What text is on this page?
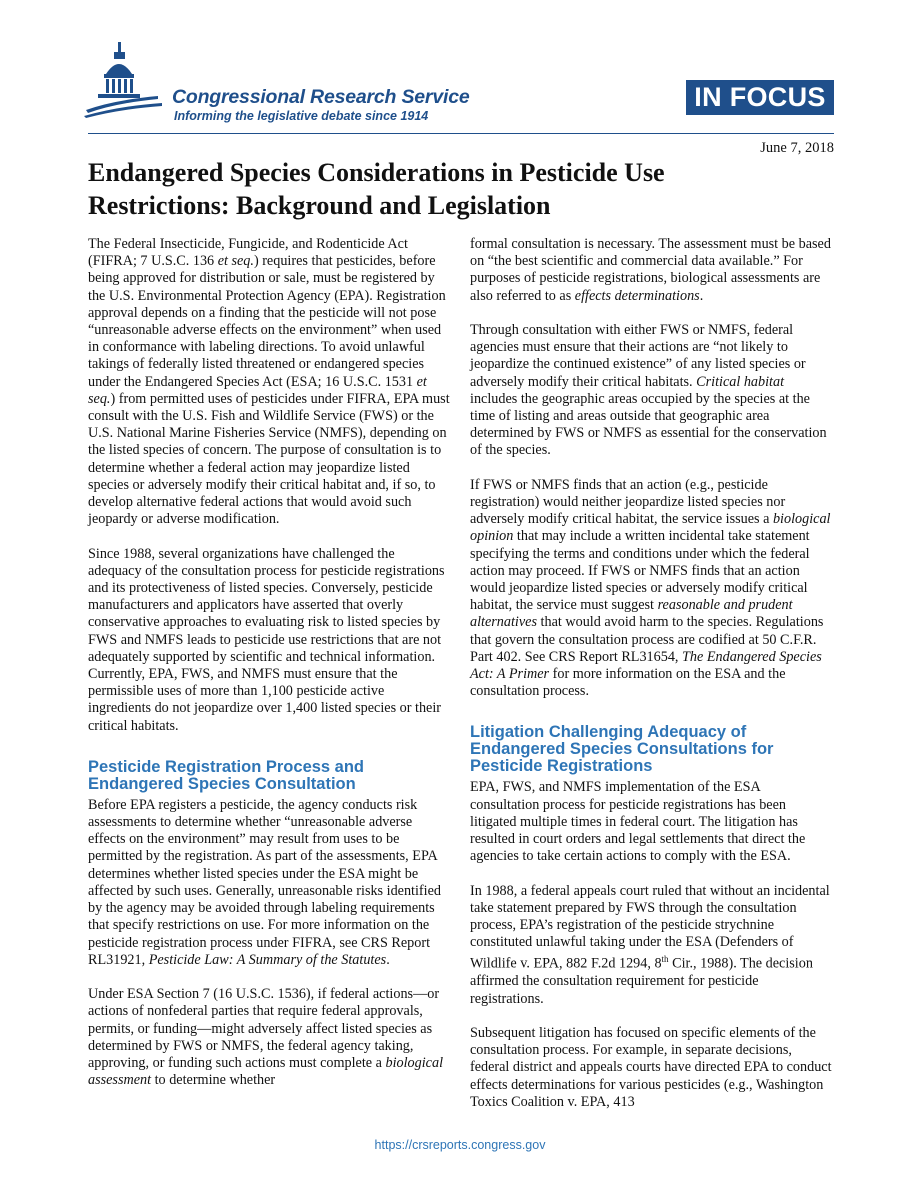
Congressional Research Service
Informing the legislative debate since 1914
IN FOCUS
June 7, 2018
Endangered Species Considerations in Pesticide Use Restrictions: Background and Legislation

The Federal Insecticide, Fungicide, and Rodenticide Act (FIFRA; 7 U.S.C. 136 et seq.) requires that pesticides, before being approved for distribution or sale, must be registered by the U.S. Environmental Protection Agency (EPA). Registration approval depends on a finding that the pesticide will not pose “unreasonable adverse effects on the environment” when used in conformance with labeling directions. To avoid unlawful takings of federally listed threatened or endangered species under the Endangered Species Act (ESA; 16 U.S.C. 1531 et seq.) from permitted uses of pesticides under FIFRA, EPA must consult with the U.S. Fish and Wildlife Service (FWS) or the U.S. National Marine Fisheries Service (NMFS), depending on the listed species of concern. The purpose of consultation is to determine whether a federal action may jeopardize listed species or adversely modify their critical habitat and, if so, to develop alternative federal actions that would avoid such jeopardy or adverse modification.

Since 1988, several organizations have challenged the adequacy of the consultation process for pesticide registrations and its protectiveness of listed species. Conversely, pesticide manufacturers and applicators have asserted that overly conservative approaches to evaluating risk to listed species by FWS and NMFS leads to pesticide use restrictions that are not adequately supported by scientific and technical information. Currently, EPA, FWS, and NMFS must ensure that the permissible uses of more than 1,100 pesticide active ingredients do not jeopardize over 1,400 listed species or their critical habitats.

Pesticide Registration Process and Endangered Species Consultation

Before EPA registers a pesticide, the agency conducts risk assessments to determine whether “unreasonable adverse effects on the environment” may result from uses to be permitted by the registration. As part of the assessments, EPA determines whether listed species under the ESA might be affected by such uses. Generally, unreasonable risks identified by the agency may be avoided through labeling requirements that specify restrictions on use. For more information on the pesticide registration process under FIFRA, see CRS Report RL31921, Pesticide Law: A Summary of the Statutes.

Under ESA Section 7 (16 U.S.C. 1536), if federal actions—or actions of nonfederal parties that require federal approvals, permits, or funding—might adversely affect listed species as determined by FWS or NMFS, the federal agency taking, approving, or funding such actions must complete a biological assessment to determine whether

formal consultation is necessary. The assessment must be based on “the best scientific and commercial data available.” For purposes of pesticide registrations, biological assessments are also referred to as effects determinations.

Through consultation with either FWS or NMFS, federal agencies must ensure that their actions are “not likely to jeopardize the continued existence” of any listed species or adversely modify their critical habitats. Critical habitat includes the geographic areas occupied by the species at the time of listing and areas outside that geographic area determined by FWS or NMFS as essential for the conservation of the species.

If FWS or NMFS finds that an action (e.g., pesticide registration) would neither jeopardize listed species nor adversely modify critical habitat, the service issues a biological opinion that may include a written incidental take statement specifying the terms and conditions under which the federal action may proceed. If FWS or NMFS finds that an action would jeopardize listed species or adversely modify critical habitat, the service must suggest reasonable and prudent alternatives that would avoid harm to the species. Regulations that govern the consultation process are codified at 50 C.F.R. Part 402. See CRS Report RL31654, The Endangered Species Act: A Primer for more information on the ESA and the consultation process.

Litigation Challenging Adequacy of Endangered Species Consultations for Pesticide Registrations

EPA, FWS, and NMFS implementation of the ESA consultation process for pesticide registrations has been litigated multiple times in federal court. The litigation has resulted in court orders and legal settlements that direct the agencies to take certain actions to comply with the ESA.

In 1988, a federal appeals court ruled that without an incidental take statement prepared by FWS through the consultation process, EPA’s registration of the pesticide strychnine constituted unlawful taking under the ESA (Defenders of Wildlife v. EPA, 882 F.2d 1294, 8th Cir., 1988). The decision affirmed the consultation requirement for pesticide registrations.

Subsequent litigation has focused on specific elements of the consultation process. For example, in separate decisions, federal district and appeals courts have directed EPA to conduct effects determinations for various pesticides (e.g., Washington Toxics Coalition v. EPA, 413

https://crsreports.congress.gov
